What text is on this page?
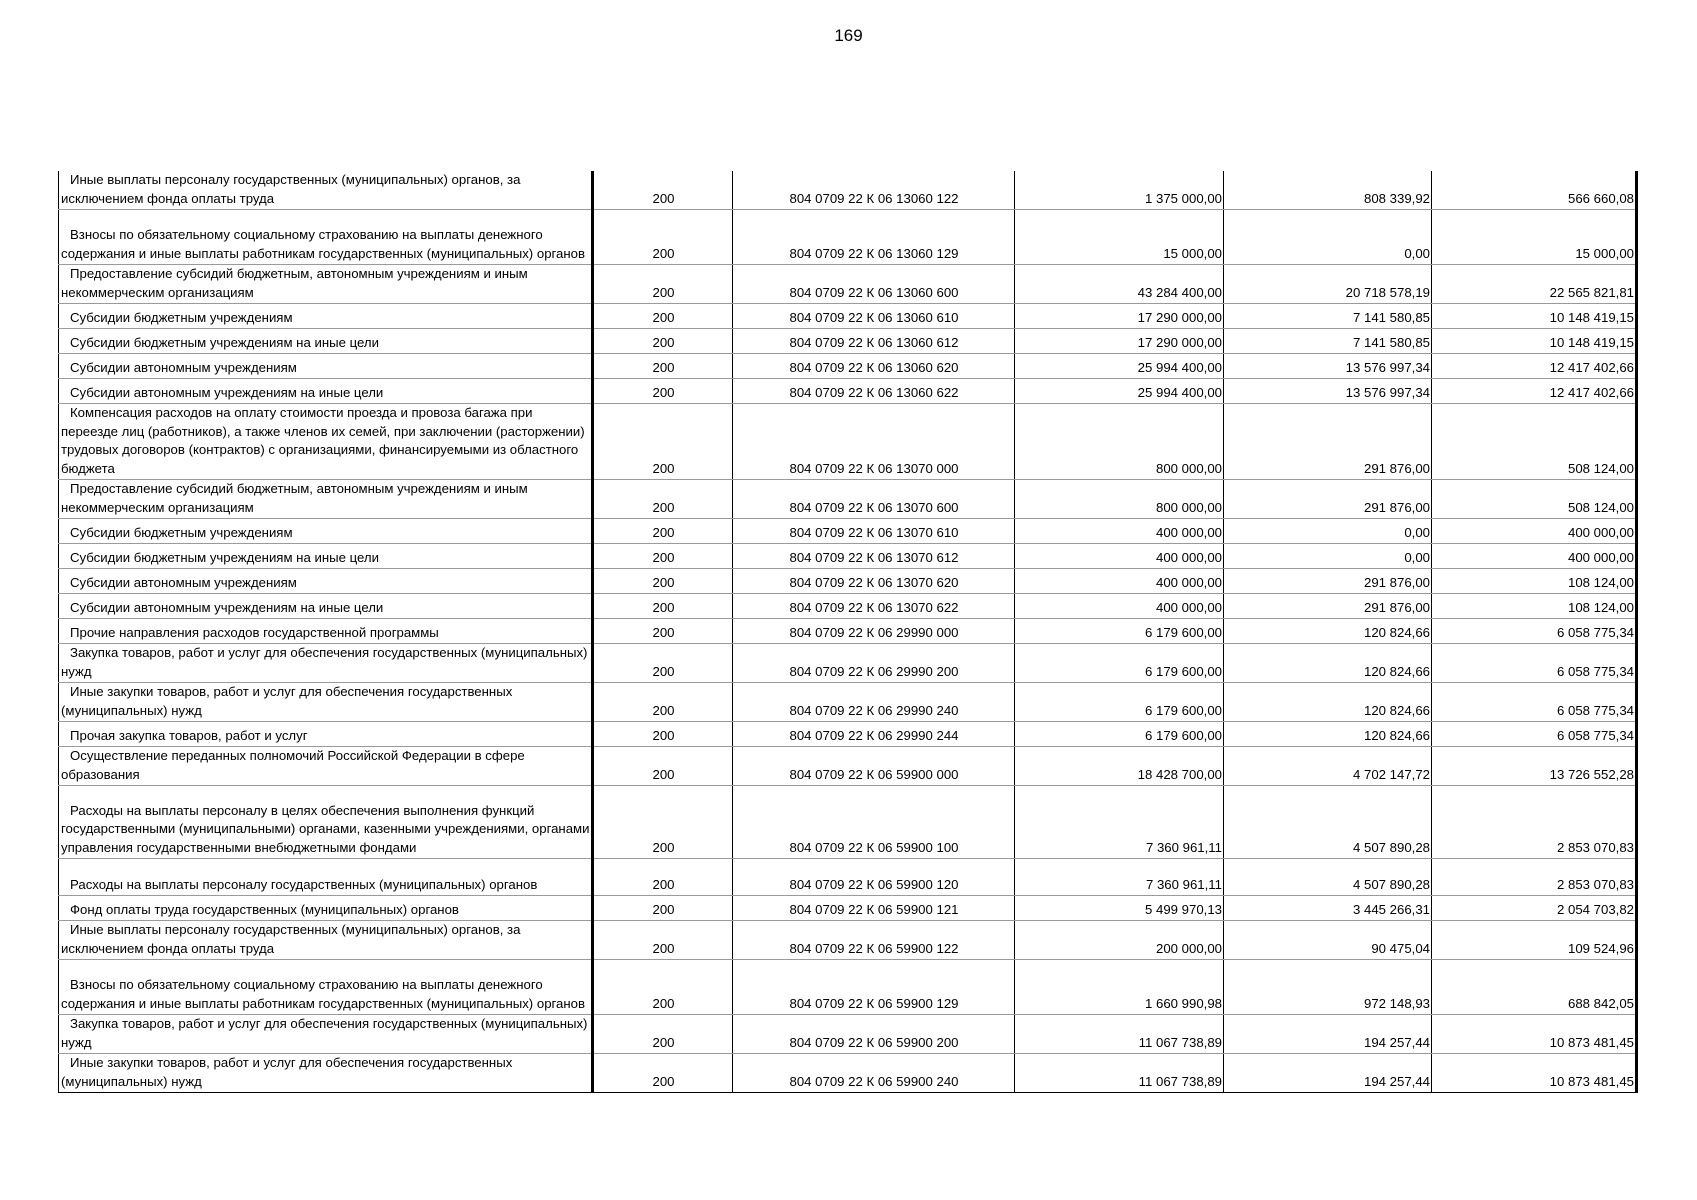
169
Иные выплаты персоналу государственных (муниципальных) органов, за исключением фонда оплаты труда	200	804 0709 22 К 06 13060 122	1 375 000,00	808 339,92	566 660,08

Взносы по обязательному социальному страхованию на выплаты денежного содержания и иные выплаты работникам государственных (муниципальных) органов	200	804 0709 22 К 06 13060 129	15 000,00	0,00	15 000,00

Предоставление субсидий бюджетным, автономным учреждениям и иным некоммерческим организациям	200	804 0709 22 К 06 13060 600	43 284 400,00	20 718 578,19	22 565 821,81

Субсидии бюджетным учреждениям	200	804 0709 22 К 06 13060 610	17 290 000,00	7 141 580,85	10 148 419,15

Субсидии бюджетным учреждениям на иные цели	200	804 0709 22 К 06 13060 612	17 290 000,00	7 141 580,85	10 148 419,15

Субсидии автономным учреждениям	200	804 0709 22 К 06 13060 620	25 994 400,00	13 576 997,34	12 417 402,66

Субсидии автономным учреждениям на иные цели	200	804 0709 22 К 06 13060 622	25 994 400,00	13 576 997,34	12 417 402,66

Компенсация расходов на оплату стоимости проезда и провоза багажа при переезде лиц (работников), а также членов их семей, при заключении (расторжении) трудовых договоров (контрактов) с организациями, финансируемыми из областного бюджета	200	804 0709 22 К 06 13070 000	800 000,00	291 876,00	508 124,00

Предоставление субсидий бюджетным, автономным учреждениям и иным некоммерческим организациям	200	804 0709 22 К 06 13070 600	800 000,00	291 876,00	508 124,00

Субсидии бюджетным учреждениям	200	804 0709 22 К 06 13070 610	400 000,00	0,00	400 000,00

Субсидии бюджетным учреждениям на иные цели	200	804 0709 22 К 06 13070 612	400 000,00	0,00	400 000,00

Субсидии автономным учреждениям	200	804 0709 22 К 06 13070 620	400 000,00	291 876,00	108 124,00

Субсидии автономным учреждениям на иные цели	200	804 0709 22 К 06 13070 622	400 000,00	291 876,00	108 124,00

Прочие направления расходов государственной программы	200	804 0709 22 К 06 29990 000	6 179 600,00	120 824,66	6 058 775,34

Закупка товаров, работ и услуг для обеспечения государственных (муниципальных) нужд	200	804 0709 22 К 06 29990 200	6 179 600,00	120 824,66	6 058 775,34

Иные закупки товаров, работ и услуг для обеспечения государственных (муниципальных) нужд	200	804 0709 22 К 06 29990 240	6 179 600,00	120 824,66	6 058 775,34

Прочая закупка товаров, работ и услуг	200	804 0709 22 К 06 29990 244	6 179 600,00	120 824,66	6 058 775,34

Осуществление переданных полномочий Российской Федерации в сфере образования	200	804 0709 22 К 06 59900 000	18 428 700,00	4 702 147,72	13 726 552,28

Расходы на выплаты персоналу в целях обеспечения выполнения функций государственными (муниципальными) органами, казенными учреждениями, органами управления государственными внебюджетными фондами	200	804 0709 22 К 06 59900 100	7 360 961,11	4 507 890,28	2 853 070,83

Расходы на выплаты персоналу государственных (муниципальных) органов	200	804 0709 22 К 06 59900 120	7 360 961,11	4 507 890,28	2 853 070,83

Фонд оплаты труда государственных (муниципальных) органов	200	804 0709 22 К 06 59900 121	5 499 970,13	3 445 266,31	2 054 703,82

Иные выплаты персоналу государственных (муниципальных) органов, за исключением фонда оплаты труда	200	804 0709 22 К 06 59900 122	200 000,00	90 475,04	109 524,96

Взносы по обязательному социальному страхованию на выплаты денежного содержания и иные выплаты работникам государственных (муниципальных) органов	200	804 0709 22 К 06 59900 129	1 660 990,98	972 148,93	688 842,05

Закупка товаров, работ и услуг для обеспечения государственных (муниципальных) нужд	200	804 0709 22 К 06 59900 200	11 067 738,89	194 257,44	10 873 481,45

Иные закупки товаров, работ и услуг для обеспечения государственных (муниципальных) нужд	200	804 0709 22 К 06 59900 240	11 067 738,89	194 257,44	10 873 481,45
